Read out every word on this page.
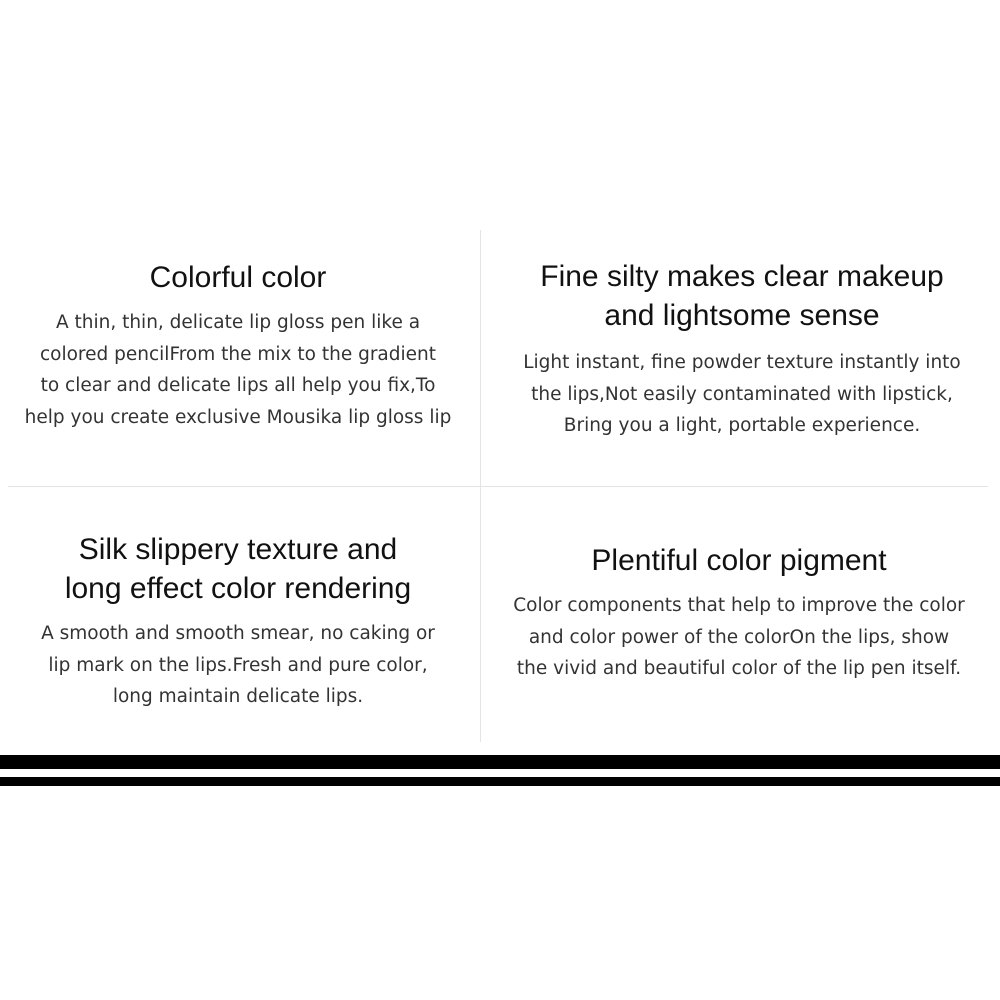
Colorful color

A thin, thin, delicate lip gloss pen like a
colored pencilFrom the mix to the gradient
to clear and delicate lips all help you fix,To
help you create exclusive Mousika lip gloss lip

Fine silty makes clear makeup
and lightsome sense

Light instant, fine powder texture instantly into
the lips,Not easily contaminated with lipstick,
Bring you a light, portable experience.

Silk slippery texture and
long effect color rendering

A smooth and smooth smear, no caking or
lip mark on the lips.Fresh and pure color,
long maintain delicate lips.

Plentiful color pigment

Color components that help to improve the color
and color power of the colorOn the lips, show
the vivid and beautiful color of the lip pen itself.
